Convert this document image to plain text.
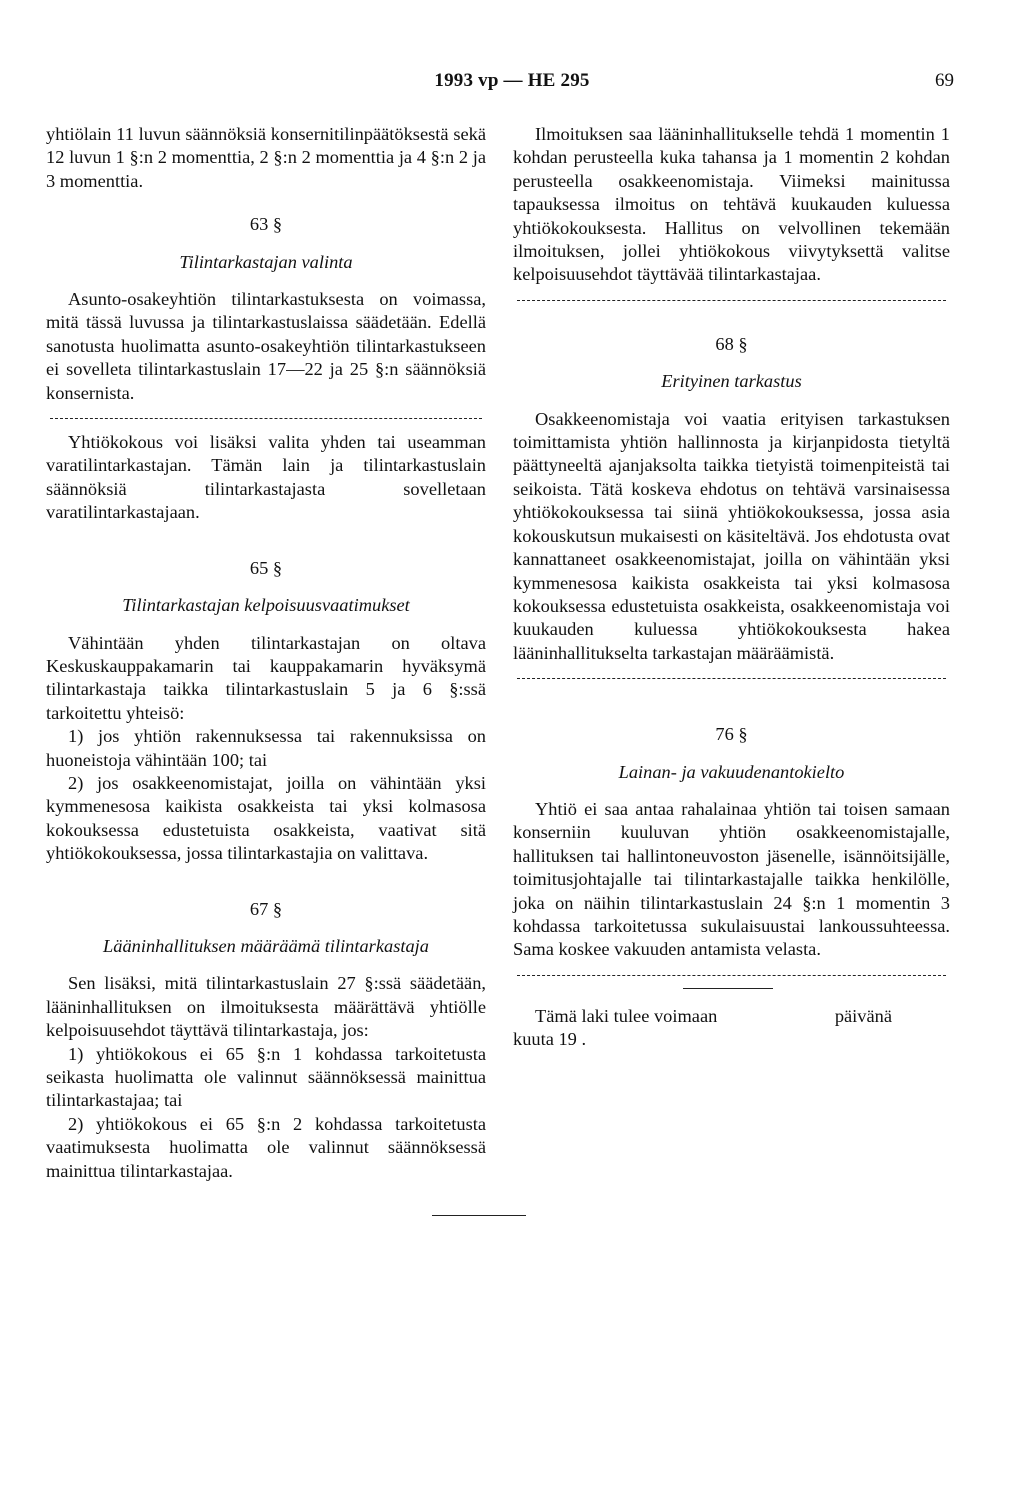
1993 vp — HE 295	69

yhtiölain 11 luvun säännöksiä konsernitilinpäätöksestä sekä 12 luvun 1 §:n 2 momenttia, 2 §:n 2 momenttia ja 4 §:n 2 ja 3 momenttia.

63 §

Tilintarkastajan valinta

Asunto-osakeyhtiön tilintarkastuksesta on voimassa, mitä tässä luvussa ja tilintarkastuslaissa säädetään. Edellä sanotusta huolimatta asunto-osakeyhtiön tilintarkastukseen ei sovelleta tilintarkastuslain 17—22 ja 25 §:n säännöksiä konsernista.

Yhtiökokous voi lisäksi valita yhden tai useamman varatilintarkastajan. Tämän lain ja tilintarkastuslain säännöksiä tilintarkastajasta sovelletaan varatilintarkastajaan.

65 §

Tilintarkastajan kelpoisuusvaatimukset

Vähintään yhden tilintarkastajan on oltava Keskuskauppakamarin tai kauppakamarin hyväksymä tilintarkastaja taikka tilintarkastuslain 5 ja 6 §:ssä tarkoitettu yhteisö:

1) jos yhtiön rakennuksessa tai rakennuksissa on huoneistoja vähintään 100; tai

2) jos osakkeenomistajat, joilla on vähintään yksi kymmenesosa kaikista osakkeista tai yksi kolmasosa kokouksessa edustetuista osakkeista, vaativat sitä yhtiökokouksessa, jossa tilintarkastajia on valittava.

67 §

Lääninhallituksen määräämä tilintarkastaja

Sen lisäksi, mitä tilintarkastuslain 27 §:ssä säädetään, lääninhallituksen on ilmoituksesta määrättävä yhtiölle kelpoisuusehdot täyttävä tilintarkastaja, jos:

1) yhtiökokous ei 65 §:n 1 kohdassa tarkoitetusta seikasta huolimatta ole valinnut säännöksessä mainittua tilintarkastajaa; tai

2) yhtiökokous ei 65 §:n 2 kohdassa tarkoitetusta vaatimuksesta huolimatta ole valinnut säännöksessä mainittua tilintarkastajaa.

Ilmoituksen saa lääninhallitukselle tehdä 1 momentin 1 kohdan perusteella kuka tahansa ja 1 momentin 2 kohdan perusteella osakkeenomistaja. Viimeksi mainitussa tapauksessa ilmoitus on tehtävä kuukauden kuluessa yhtiökokouksesta. Hallitus on velvollinen tekemään ilmoituksen, jollei yhtiökokous viivytyksettä valitse kelpoisuusehdot täyttävää tilintarkastajaa.

68 §

Erityinen tarkastus

Osakkeenomistaja voi vaatia erityisen tarkastuksen toimittamista yhtiön hallinnosta ja kirjanpidosta tietyltä päättyneeltä ajanjaksolta taikka tietyistä toimenpiteistä tai seikoista. Tätä koskeva ehdotus on tehtävä varsinaisessa yhtiökokouksessa tai siinä yhtiökokouksessa, jossa asia kokouskutsun mukaisesti on käsiteltävä. Jos ehdotusta ovat kannattaneet osakkeenomistajat, joilla on vähintään yksi kymmenesosa kaikista osakkeista tai yksi kolmasosa kokouksessa edustetuista osakkeista, osakkeenomistaja voi kuukauden kuluessa yhtiökokouksesta hakea lääninhallitukselta tarkastajan määräämistä.

76 §

Lainan- ja vakuudenantokielto

Yhtiö ei saa antaa rahalainaa yhtiön tai toisen samaan konserniin kuuluvan yhtiön osakkeenomistajalle, hallituksen tai hallintoneuvoston jäsenelle, isännöitsijälle, toimitusjohtajalle tai tilintarkastajalle taikka henkilölle, joka on näihin tilintarkastuslain 24 §:n 1 momentin 3 kohdassa tarkoitetussa sukulaisuustai lankoussuhteessa. Sama koskee vakuuden antamista velasta.

Tämä laki tulee voimaan	päivänä

kuuta 19 .
